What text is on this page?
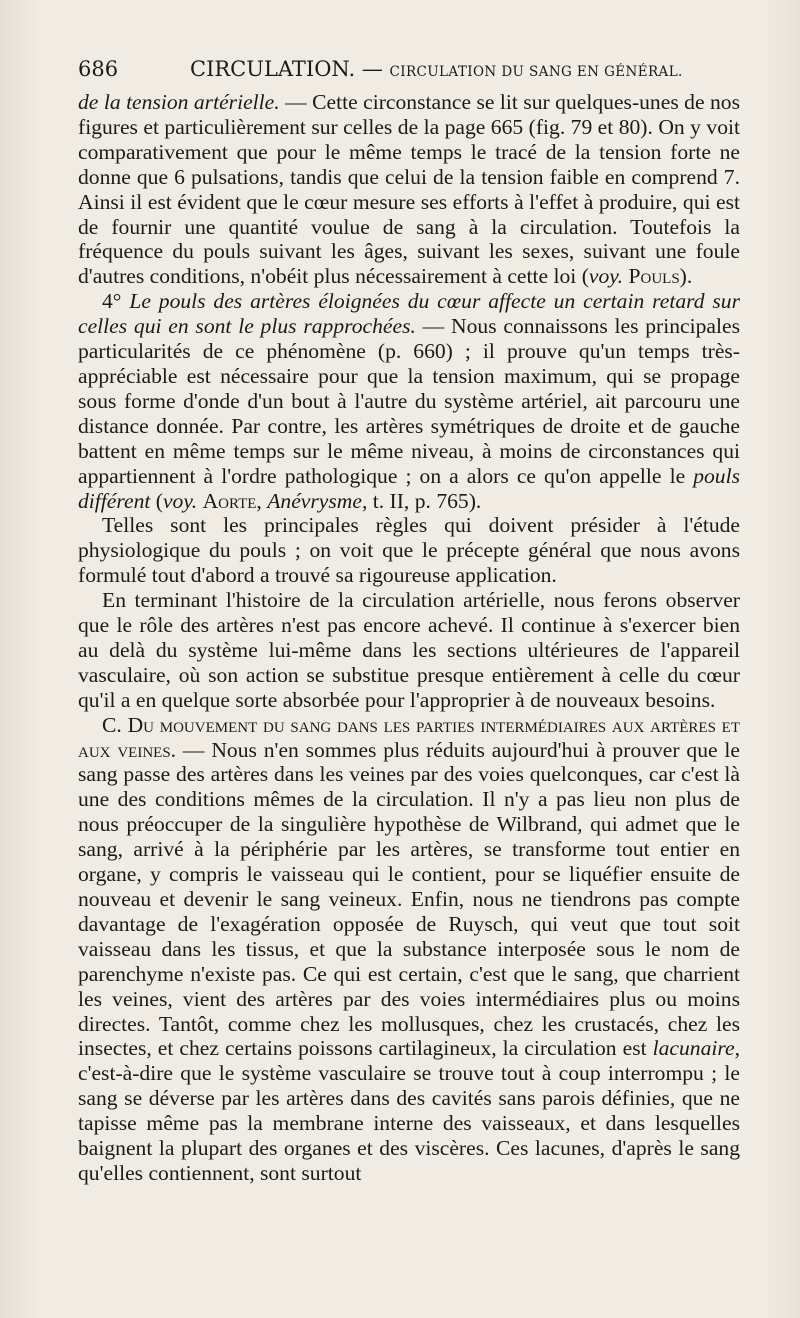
686	CIRCULATION. — CIRCULATION DU SANG EN GÉNÉRAL.

de la tension artérielle. — Cette circonstance se lit sur quelques-unes de nos figures et particulièrement sur celles de la page 665 (fig. 79 et 80). On y voit comparativement que pour le même temps le tracé de la tension forte ne donne que 6 pulsations, tandis que celui de la tension faible en comprend 7. Ainsi il est évident que le cœur mesure ses efforts à l'effet à produire, qui est de fournir une quantité voulue de sang à la circulation. Toutefois la fréquence du pouls suivant les âges, suivant les sexes, suivant une foule d'autres conditions, n'obéit plus nécessairement à cette loi (voy. Pouls).

4° Le pouls des artères éloignées du cœur affecte un certain retard sur celles qui en sont le plus rapprochées. — Nous connaissons les principales particularités de ce phénomène (p. 660) ; il prouve qu'un temps très-appréciable est nécessaire pour que la tension maximum, qui se propage sous forme d'onde d'un bout à l'autre du système artériel, ait parcouru une distance donnée. Par contre, les artères symétriques de droite et de gauche battent en même temps sur le même niveau, à moins de circonstances qui appartiennent à l'ordre pathologique ; on a alors ce qu'on appelle le pouls différent (voy. Aorte, Anévrysme, t. II, p. 765).

Telles sont les principales règles qui doivent présider à l'étude physiologique du pouls ; on voit que le précepte général que nous avons formulé tout d'abord a trouvé sa rigoureuse application.

En terminant l'histoire de la circulation artérielle, nous ferons observer que le rôle des artères n'est pas encore achevé. Il continue à s'exercer bien au delà du système lui-même dans les sections ultérieures de l'appareil vasculaire, où son action se substitue presque entièrement à celle du cœur qu'il a en quelque sorte absorbée pour l'approprier à de nouveaux besoins.

C. Du mouvement du sang dans les parties intermédiaires aux artères et aux veines. — Nous n'en sommes plus réduits aujourd'hui à prouver que le sang passe des artères dans les veines par des voies quelconques, car c'est là une des conditions mêmes de la circulation. Il n'y a pas lieu non plus de nous préoccuper de la singulière hypothèse de Wilbrand, qui admet que le sang, arrivé à la périphérie par les artères, se transforme tout entier en organe, y compris le vaisseau qui le contient, pour se liquéfier ensuite de nouveau et devenir le sang veineux. Enfin, nous ne tiendrons pas compte davantage de l'exagération opposée de Ruysch, qui veut que tout soit vaisseau dans les tissus, et que la substance interposée sous le nom de parenchyme n'existe pas. Ce qui est certain, c'est que le sang, que charrient les veines, vient des artères par des voies intermédiaires plus ou moins directes. Tantôt, comme chez les mollusques, chez les crustacés, chez les insectes, et chez certains poissons cartilagineux, la circulation est lacunaire, c'est-à-dire que le système vasculaire se trouve tout à coup interrompu ; le sang se déverse par les artères dans des cavités sans parois définies, que ne tapisse même pas la membrane interne des vaisseaux, et dans lesquelles baignent la plupart des organes et des viscères. Ces lacunes, d'après le sang qu'elles contiennent, sont surtout
